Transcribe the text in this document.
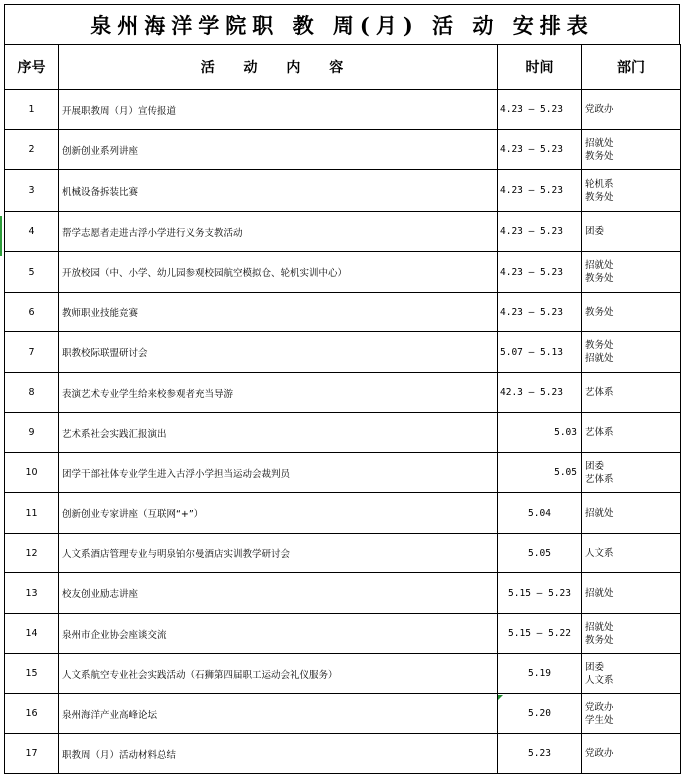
泉州海洋学院职 教 周(月) 活 动 安排表
序号	活 动 内 容	时间	部门
1	开展职教周（月）宣传报道	4.23 — 5.23	党政办

2	创新创业系列讲座	4.23 — 5.23	招就处
教务处

3	机械设备拆装比赛	4.23 — 5.23	轮机系
教务处

4	帮学志愿者走进古浮小学进行义务支教活动	4.23 — 5.23	团委

5	开放校园（中、小学、幼儿园参观校园航空模拟仓、轮机实训中心）	4.23 — 5.23	招就处
教务处

6	教师职业技能竞赛	4.23 — 5.23	教务处

7	职教校际联盟研讨会	5.07 — 5.13	教务处
招就处

8	表演艺术专业学生给来校参观者充当导游	42.3 — 5.23	艺体系

9	艺术系社会实践汇报演出	5.03	艺体系

10	团学干部社体专业学生进入古浮小学担当运动会裁判员	5.05	团委
艺体系

11	创新创业专家讲座（互联网“+”）	5.04	招就处

12	人文系酒店管理专业与明泉铂尔曼酒店实训教学研讨会	5.05	人文系

13	校友创业励志讲座	5.15 — 5.23	招就处

14	泉州市企业协会座谈交流	5.15 — 5.22	招就处
教务处

15	人文系航空专业社会实践活动（石狮第四届职工运动会礼仪服务）	5.19	团委
人文系

16	泉州海洋产业高峰论坛	5.20	党政办
学生处

17	职教周（月）活动材料总结	5.23	党政办
